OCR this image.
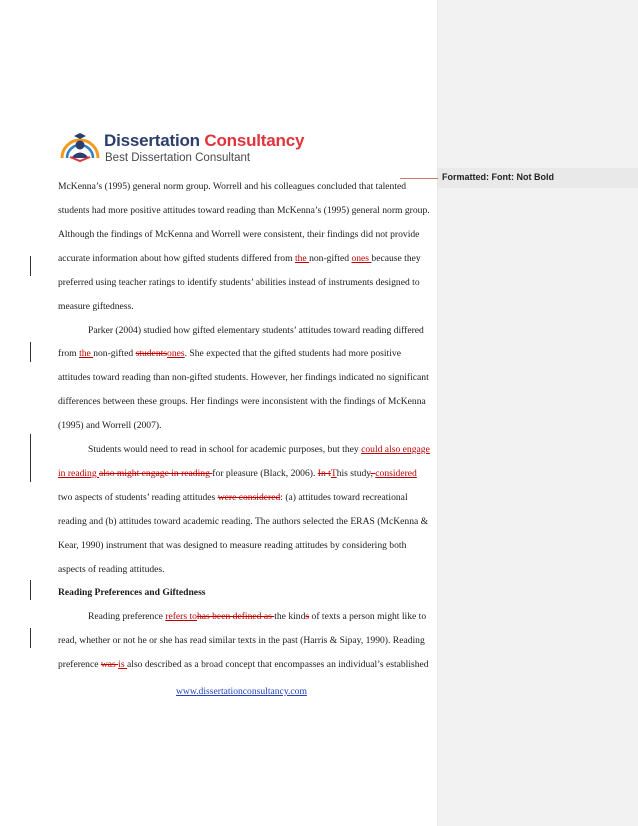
Formatted: Font: Not Bold
Dissertation Consultancy
Best Dissertation Consultant
McKenna’s (1995) general norm group. Worrell and his colleagues concluded that talented
students had more positive attitudes toward reading than McKenna’s (1995) general norm group.
Although the findings of McKenna and Worrell were consistent, their findings did not provide
accurate information about how gifted students differed from the non-gifted ones because they
preferred using teacher ratings to identify students’ abilities instead of instruments designed to
measure giftedness.
Parker (2004) studied how gifted elementary students’ attitudes toward reading differed
from the non-gifted studentsones. She expected that the gifted students had more positive
attitudes toward reading than non-gifted students. However, her findings indicated no significant
differences between these groups. Her findings were inconsistent with the findings of McKenna
(1995) and Worrell (2007).
Students would need to read in school for academic purposes, but they could also engage
in reading also might engage in reading for pleasure (Black, 2006). In tThis study, considered
two aspects of students’ reading attitudes were considered: (a) attitudes toward recreational
reading and (b) attitudes toward academic reading. The authors selected the ERAS (McKenna &
Kear, 1990) instrument that was designed to measure reading attitudes by considering both
aspects of reading attitudes.
Reading Preferences and Giftedness
Reading preference refers tohas been defined as the kinds of texts a person might like to
read, whether or not he or she has read similar texts in the past (Harris & Sipay, 1990). Reading
preference was is also described as a broad concept that encompasses an individual’s established
www.dissertationconsultancy.com
